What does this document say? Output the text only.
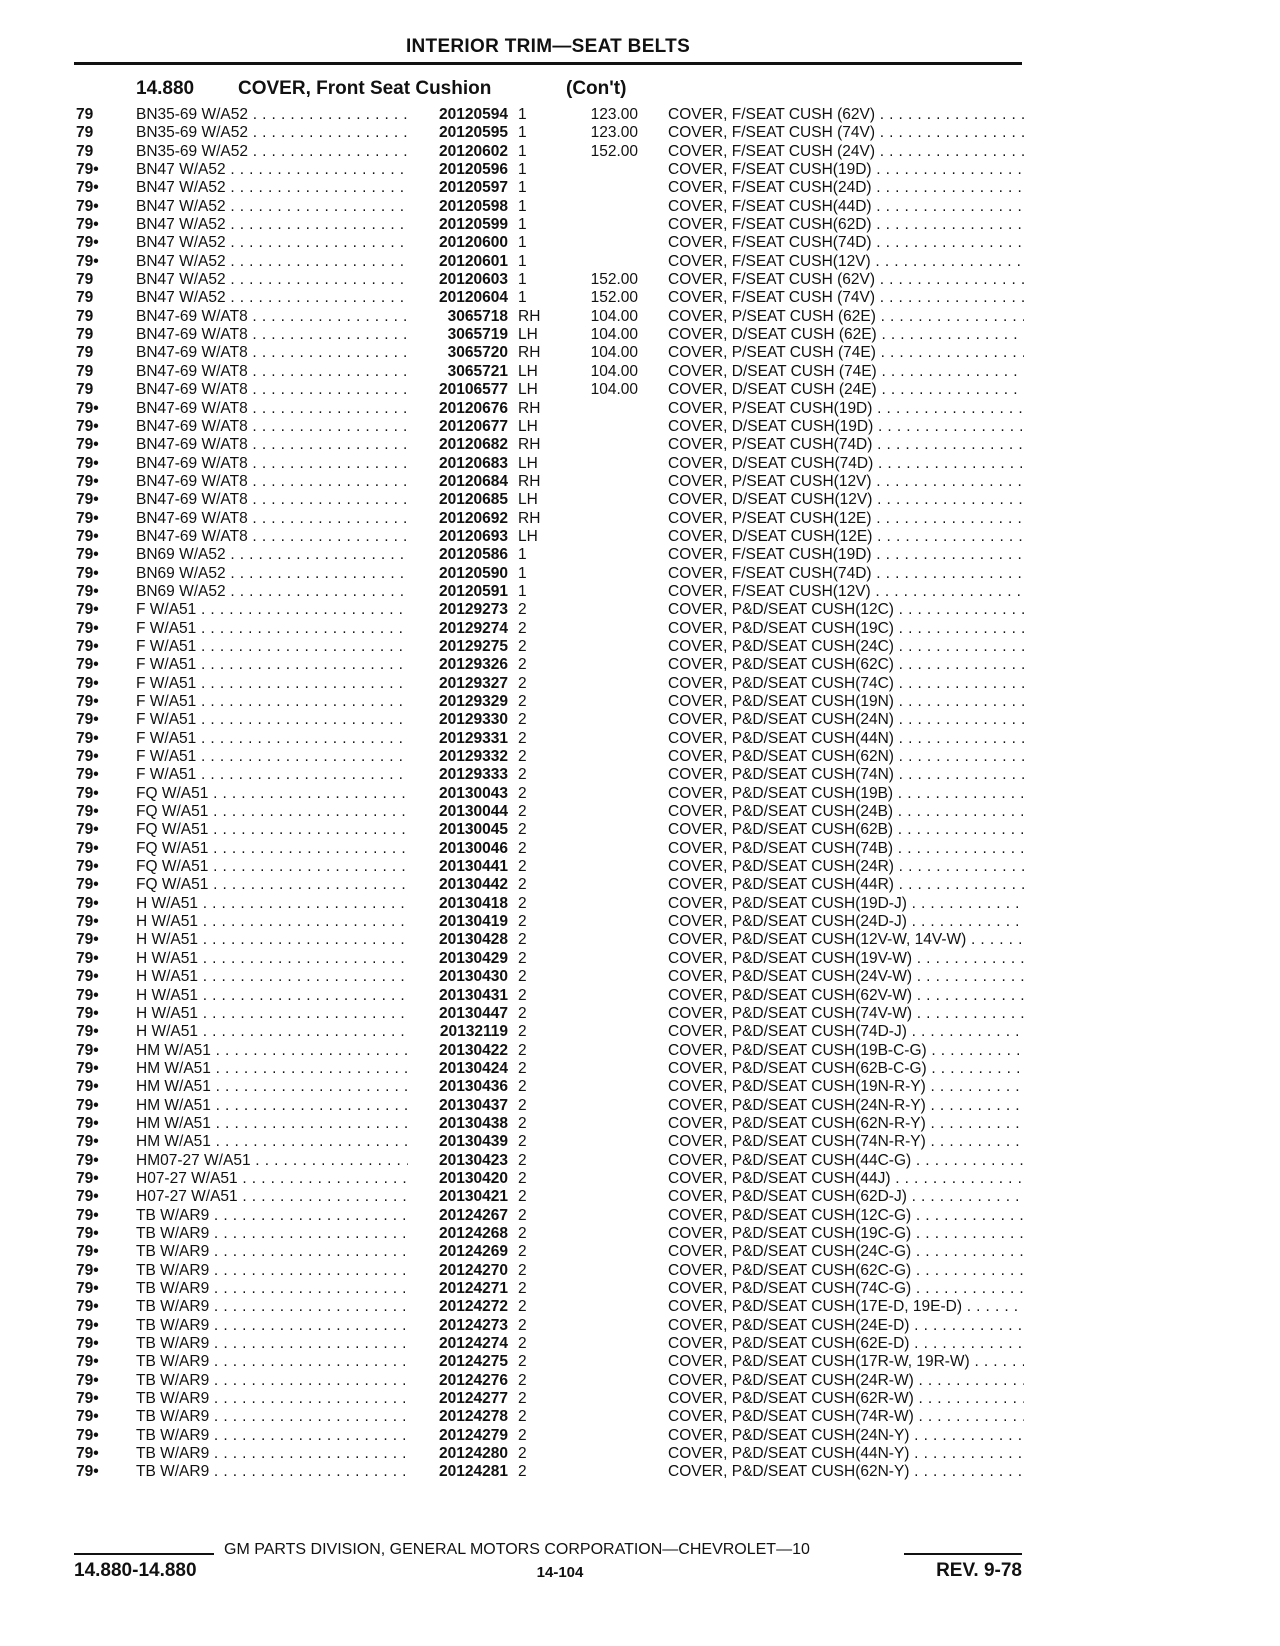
INTERIOR TRIM—SEAT BELTS
14.880 COVER, Front Seat Cushion	(Con't)
79	BN35-69 W/A52 . . .	20120594 1	123.00 COVER, F/SEAT CUSH (62V) . . .
79	BN35-69 W/A52 . . .	20120595 1	123.00 COVER, F/SEAT CUSH (74V) . . .
79	BN35-69 W/A52 . . .	20120602 1	152.00 COVER, F/SEAT CUSH (24V) . . .
79• BN47 W/A52 . . .	20120596 1	COVER, F/SEAT CUSH(19D) . . .
79• BN47 W/A52 . . .	20120597 1	COVER, F/SEAT CUSH(24D) . . .
79• BN47 W/A52 . . .	20120598 1	COVER, F/SEAT CUSH(44D) . . .
79• BN47 W/A52 . . .	20120599 1	COVER, F/SEAT CUSH(62D) . . .
79• BN47 W/A52 . . .	20120600 1	COVER, F/SEAT CUSH(74D) . . .
79• BN47 W/A52 . . .	20120601 1	COVER, F/SEAT CUSH(12V) . . .
79	BN47 W/A52 . . .	20120603 1	152.00 COVER, F/SEAT CUSH (62V) . . .
79	BN47 W/A52 . . .	20120604 1	152.00 COVER, F/SEAT CUSH (74V) . . .
79	BN47-69 W/AT8 . . .	3065718 RH	104.00 COVER, P/SEAT CUSH (62E) . . .
79	BN47-69 W/AT8 . . .	3065719 LH	104.00 COVER, D/SEAT CUSH (62E) . . .
79	BN47-69 W/AT8 . . .	3065720 RH	104.00 COVER, P/SEAT CUSH (74E) . . .
79	BN47-69 W/AT8 . . .	3065721 LH	104.00 COVER, D/SEAT CUSH (74E) . . .
79	BN47-69 W/AT8 . . .	20106577 LH	104.00 COVER, D/SEAT CUSH (24E) . . .
79• BN47-69 W/AT8 . . .	20120676 RH	COVER, P/SEAT CUSH(19D) . . .
79• BN47-69 W/AT8 . . .	20120677 LH	COVER, D/SEAT CUSH(19D) . . .
79• BN47-69 W/AT8 . . .	20120682 RH	COVER, P/SEAT CUSH(74D) . . .
79• BN47-69 W/AT8 . . .	20120683 LH	COVER, D/SEAT CUSH(74D) . . .
79• BN47-69 W/AT8 . . .	20120684 RH	COVER, P/SEAT CUSH(12V) . . .
79• BN47-69 W/AT8 . . .	20120685 LH	COVER, D/SEAT CUSH(12V) . . .
79• BN47-69 W/AT8 . . .	20120692 RH	COVER, P/SEAT CUSH(12E) . . .
79• BN47-69 W/AT8 . . .	20120693 LH	COVER, D/SEAT CUSH(12E) . . .
79• BN69 W/A52 . . .	20120586 1	COVER, F/SEAT CUSH(19D) . . .
79• BN69 W/A52 . . .	20120590 1	COVER, F/SEAT CUSH(74D) . . .
79• BN69 W/A52 . . .	20120591 1	COVER, F/SEAT CUSH(12V) . . .
79• F W/A51 . . .	20129273 2	COVER, P&D/SEAT CUSH(12C) . . .
79• F W/A51 . . .	20129274 2	COVER, P&D/SEAT CUSH(19C) . . .
79• F W/A51 . . .	20129275 2	COVER, P&D/SEAT CUSH(24C) . . .
79• F W/A51 . . .	20129326 2	COVER, P&D/SEAT CUSH(62C) . . .
79• F W/A51 . . .	20129327 2	COVER, P&D/SEAT CUSH(74C) . . .
79• F W/A51 . . .	20129329 2	COVER, P&D/SEAT CUSH(19N) . . .
79• F W/A51 . . .	20129330 2	COVER, P&D/SEAT CUSH(24N) . . .
79• F W/A51 . . .	20129331 2	COVER, P&D/SEAT CUSH(44N) . . .
79• F W/A51 . . .	20129332 2	COVER, P&D/SEAT CUSH(62N) . . .
79• F W/A51 . . .	20129333 2	COVER, P&D/SEAT CUSH(74N) . . .
79• FQ W/A51 . . .	20130043 2	COVER, P&D/SEAT CUSH(19B) . . .
79• FQ W/A51 . . .	20130044 2	COVER, P&D/SEAT CUSH(24B) . . .
79• FQ W/A51 . . .	20130045 2	COVER, P&D/SEAT CUSH(62B) . . .
79• FQ W/A51 . . .	20130046 2	COVER, P&D/SEAT CUSH(74B) . . .
79• FQ W/A51 . . .	20130441 2	COVER, P&D/SEAT CUSH(24R) . . .
79• FQ W/A51 . . .	20130442 2	COVER, P&D/SEAT CUSH(44R) . . .
79• H W/A51 . . .	20130418 2	COVER, P&D/SEAT CUSH(19D-J) . . .
79• H W/A51 . . .	20130419 2	COVER, P&D/SEAT CUSH(24D-J) . . .
79• H W/A51 . . .	20130428 2	COVER, P&D/SEAT CUSH(12V-W, 14V-W) . . .
79• H W/A51 . . .	20130429 2	COVER, P&D/SEAT CUSH(19V-W) . . .
79• H W/A51 . . .	20130430 2	COVER, P&D/SEAT CUSH(24V-W) . . .
79• H W/A51 . . .	20130431 2	COVER, P&D/SEAT CUSH(62V-W) . . .
79• H W/A51 . . .	20130447 2	COVER, P&D/SEAT CUSH(74V-W) . . .
79• H W/A51 . . .	20132119 2	COVER, P&D/SEAT CUSH(74D-J) . . .
79• HM W/A51 . . .	20130422 2	COVER, P&D/SEAT CUSH(19B-C-G) . . .
79• HM W/A51 . . .	20130424 2	COVER, P&D/SEAT CUSH(62B-C-G) . . .
79• HM W/A51 . . .	20130436 2	COVER, P&D/SEAT CUSH(19N-R-Y) . . .
79• HM W/A51 . . .	20130437 2	COVER, P&D/SEAT CUSH(24N-R-Y) . . .
79• HM W/A51 . . .	20130438 2	COVER, P&D/SEAT CUSH(62N-R-Y) . . .
79• HM W/A51 . . .	20130439 2	COVER, P&D/SEAT CUSH(74N-R-Y) . . .
79• HM07-27 W/A51 . . .	20130423 2	COVER, P&D/SEAT CUSH(44C-G) . . .
79• H07-27 W/A51 . . .	20130420 2	COVER, P&D/SEAT CUSH(44J) . . .
79• H07-27 W/A51 . . .	20130421 2	COVER, P&D/SEAT CUSH(62D-J) . . .
79• TB W/AR9 . . .	20124267 2	COVER, P&D/SEAT CUSH(12C-G) . . .
79• TB W/AR9 . . .	20124268 2	COVER, P&D/SEAT CUSH(19C-G) . . .
79• TB W/AR9 . . .	20124269 2	COVER, P&D/SEAT CUSH(24C-G) . . .
79• TB W/AR9 . . .	20124270 2	COVER, P&D/SEAT CUSH(62C-G) . . .
79• TB W/AR9 . . .	20124271 2	COVER, P&D/SEAT CUSH(74C-G) . . .
79• TB W/AR9 . . .	20124272 2	COVER, P&D/SEAT CUSH(17E-D, 19E-D) . . .
79• TB W/AR9 . . .	20124273 2	COVER, P&D/SEAT CUSH(24E-D) . . .
79• TB W/AR9 . . .	20124274 2	COVER, P&D/SEAT CUSH(62E-D) . . .
79• TB W/AR9 . . .	20124275 2	COVER, P&D/SEAT CUSH(17R-W, 19R-W) . . .
79• TB W/AR9 . . .	20124276 2	COVER, P&D/SEAT CUSH(24R-W) . . .
79• TB W/AR9 . . .	20124277 2	COVER, P&D/SEAT CUSH(62R-W) . . .
79• TB W/AR9 . . .	20124278 2	COVER, P&D/SEAT CUSH(74R-W) . . .
79• TB W/AR9 . . .	20124279 2	COVER, P&D/SEAT CUSH(24N-Y) . . .
79• TB W/AR9 . . .	20124280 2	COVER, P&D/SEAT CUSH(44N-Y) . . .
79• TB W/AR9 . . .	20124281 2	COVER, P&D/SEAT CUSH(62N-Y) . . .
GM PARTS DIVISION, GENERAL MOTORS CORPORATION—CHEVROLET—10
14.880-14.880	14-104	REV. 9-78
